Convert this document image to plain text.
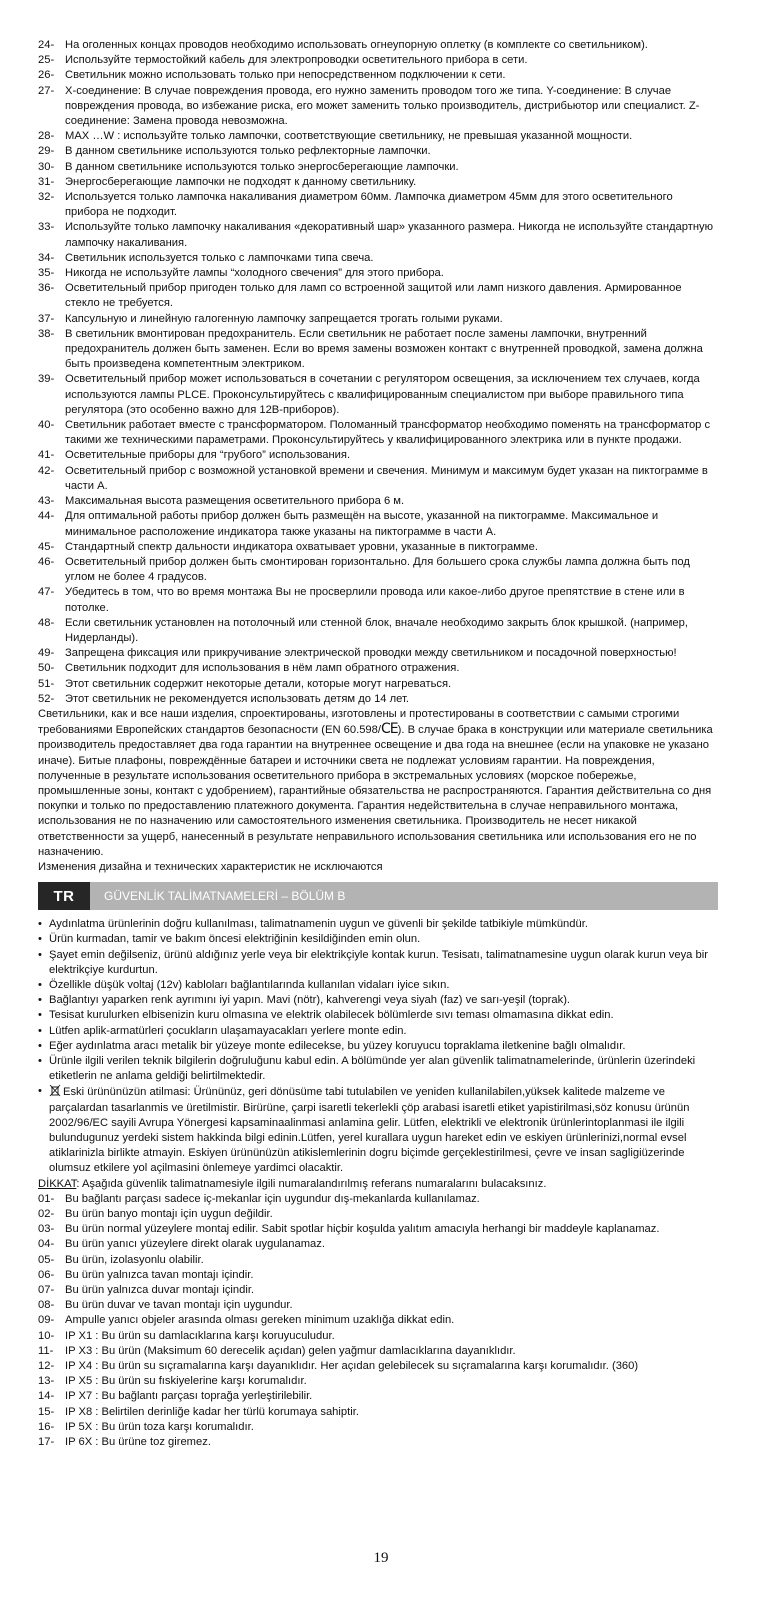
24- На оголенных концах проводов необходимо использовать огнеупорную оплетку (в комплекте со светильником).
25- Используйте термостойкий кабель для электропроводки осветительного прибора в сети.
26- Светильник можно использовать только при непосредственном подключении к сети.
27- X-соединение: В случае повреждения провода, его нужно заменить проводом того же типа. Y-соединение: В случае повреждения провода, во избежание риска, его может заменить только производитель, дистрибьютор или специалист. Z-соединение: Замена провода невозможна.
28- MAX …W : используйте только лампочки, соответствующие светильнику, не превышая указанной мощности.
29- В данном светильнике используются только рефлекторные лампочки.
30- В данном светильнике используются только энергосберегающие лампочки.
31- Энергосберегающие лампочки не подходят к данному светильнику.
32- Используется только лампочка накаливания диаметром 60мм. Лампочка диаметром 45мм для этого осветительного прибора не подходит.
33- Используйте только лампочку накаливания «декоративный шар» указанного размера. Никогда не используйте стандартную лампочку накаливания.
34- Светильник используется только с лампочками типа свеча.
35- Никогда не используйте лампы “холодного свечения” для этого прибора.
36- Осветительный прибор пригоден только для ламп со встроенной защитой или ламп низкого давления. Армированное стекло не требуется.
37- Капсульную и линейную галогенную лампочку запрещается трогать голыми руками.
38- В светильник вмонтирован предохранитель. Если светильник не работает после замены лампочки, внутренний предохранитель должен быть заменен. Если во время замены возможен контакт с внутренней проводкой, замена должна быть произведена компетентным электриком.
39- Осветительный прибор может использоваться в сочетании с регулятором освещения, за исключением тех случаев, когда используются лампы PLCE. Проконсультируйтесь с квалифицированным специалистом при выборе правильного типа регулятора (это особенно важно для 12В-приборов).
40- Светильник работает вместе с трансформатором. Поломанный трансформатор необходимо поменять на трансформатор с такими же техническими параметрами. Проконсультируйтесь у квалифицированного электрика или в пункте продажи.
41- Осветительные приборы для “грубого” использования.
42- Осветительный прибор с возможной установкой времени и свечения. Минимум и максимум будет указан на пиктограмме в части A.
43- Максимальная высота размещения осветительного прибора 6 м.
44- Для оптимальной работы прибор должен быть размещён на высоте, указанной на пиктограмме. Максимальное и минимальное расположение индикатора также указаны на пиктограмме в части A.
45- Стандартный спектр дальности индикатора охватывает уровни, указанные в пиктограмме.
46- Осветительный прибор должен быть смонтирован горизонтально. Для большего срока службы лампа должна быть под углом не более 4 градусов.
47- Убедитесь в том, что во время монтажа Вы не просверлили провода или какое-либо другое препятствие в стене или в потолке.
48- Если светильник установлен на потолочный или стенной блок, вначале необходимо закрыть блок крышкой. (например, Нидерланды).
49- Запрещена фиксация или прикручивание электрической проводки между светильником и посадочной поверхностью!
50- Светильник подходит для использования в нём ламп обратного отражения.
51- Этот светильник содержит некоторые детали, которые могут нагреваться.
52- Этот светильник не рекомендуется использовать детям до 14 лет.

Светильники, как и все наши изделия, спроектированы, изготовлены и протестированы в соответствии с самыми строгими требованиями Европейских стандартов безопасности (EN 60.598/CE). В случае брака в конструкции или материале светильника производитель предоставляет два года гарантии на внутреннее освещение и два года на внешнее (если на упаковке не указано иначе). Битые плафоны, повреждённые батареи и источники света не подлежат условиям гарантии. На повреждения, полученные в результате использования осветительного прибора в экстремальных условиях (морское побережье, промышленные зоны, контакт с удобрением), гарантийные обязательства не распространяются. Гарантия действительна со дня покупки и только по предоставлению платежного документа. Гарантия недействительна в случае неправильного монтажа, использования не по назначению или самостоятельного изменения светильника. Производитель не несет никакой ответственности за ущерб, нанесенный в результате неправильного использования светильника или использования его не по назначению.

Изменения дизайна и технических характеристик не исключаются

TR	GÜVENLİK TALİMATNAMELERİ – BÖLÜM B
• Aydınlatma ürünlerinin doğru kullanılması, talimatnamenin uygun ve güvenli bir şekilde tatbikiyle mümkündür.
• Ürün kurmadan, tamir ve bakım öncesi elektriğinin kesildiğinden emin olun.
• Şayet emin değilseniz, ürünü aldığınız yerle veya bir elektrikçiyle kontak kurun. Tesisatı, talimatnamesine uygun olarak kurun veya bir elektrikçiye kurdurtun.
• Özellikle düşük voltaj (12v) kabloları bağlantılarında kullanılan vidaları iyice sıkın.
• Bağlantıyı yaparken renk ayrımını iyi yapın. Mavi (nötr), kahverengi veya siyah (faz) ve sarı-yeşil (toprak).
• Tesisat kurulurken elbisenizin kuru olmasına ve elektrik olabilecek bölümlerde sıvı teması olmamasına dikkat edin.
• Lütfen aplik-armatürleri çocukların ulaşamayacakları yerlere monte edin.
• Eğer aydınlatma aracı metalik bir yüzeye monte edilecekse, bu yüzey koruyucu topraklama iletkenine bağlı olmalıdır.
• Ürünle ilgili verilen teknik bilgilerin doğruluğunu kabul edin. A bölümünde yer alan güvenlik talimatnamelerinde, ürünlerin üzerindeki etiketlerin ne anlama geldiği belirtilmektedir.
•	Eski ürününüzün atilmasi: Ürününüz, geri dönüsüme tabi tutulabilen ve yeniden kullanilabilen,yüksek kalitede malzeme ve parçalardan tasarlanmis ve üretilmistir. Birürüne, çarpi isaretli tekerlekli çöp arabasi isaretli etiket yapistirilmasi,söz konusu ürünün 2002/96/EC sayili Avrupa Yönergesi kapsaminaalinmasi anlamina gelir. Lütfen, elektrikli ve elektronik ürünlerintoplanmasi ile ilgili bulundugunuz yerdeki sistem hakkinda bilgi edinin.Lütfen, yerel kurallara uygun hareket edin ve eskiyen ürünlerinizi,normal evsel atiklarinizla birlikte atmayin. Eskiyen ürününüzün atikislemlerinin dogru biçimde gerçeklestirilmesi, çevre ve insan sagligiüzerinde olumsuz etkilere yol açilmasini önlemeye yardimci olacaktir.

DİKKAT: Aşağıda güvenlik talimatnamesiyle ilgili numaralandırılmış referans numaralarını bulacaksınız.

01- Bu bağlantı parçası sadece iç-mekanlar için uygundur dış-mekanlarda kullanılamaz.
02- Bu ürün banyo montajı için uygun değildir.
03- Bu ürün normal yüzeylere montaj edilir. Sabit spotlar hiçbir koşulda yalıtım amacıyla herhangi bir maddeyle kaplanamaz.
04- Bu ürün yanıcı yüzeylere direkt olarak uygulanamaz.
05- Bu ürün, izolasyonlu olabilir.
06- Bu ürün yalnızca tavan montajı içindir.
07- Bu ürün yalnızca duvar montajı içindir.
08- Bu ürün duvar ve tavan montajı için uygundur.
09- Ampulle yanıcı objeler arasında olması gereken minimum uzaklığa dikkat edin.
10- IP X1 : Bu ürün su damlacıklarına karşı koruyuculudur.
11-	IP X3 : Bu ürün (Maksimum 60 derecelik açıdan) gelen yağmur damlacıklarına dayanıklıdır.
12- IP X4 : Bu ürün su sıçramalarına karşı dayanıklıdır. Her açıdan gelebilecek su sıçramalarına karşı korumalıdır. (360)
13- IP X5 : Bu ürün su fıskiyelerine karşı korumalıdır.
14- IP X7 : Bu bağlantı parçası toprağa yerleştirilebilir.
15- IP X8 : Belirtilen derinliğe kadar her türlü korumaya sahiptir.
16- IP 5X : Bu ürün toza karşı korumalıdır.
17- IP 6X : Bu ürüne toz giremez.
19
